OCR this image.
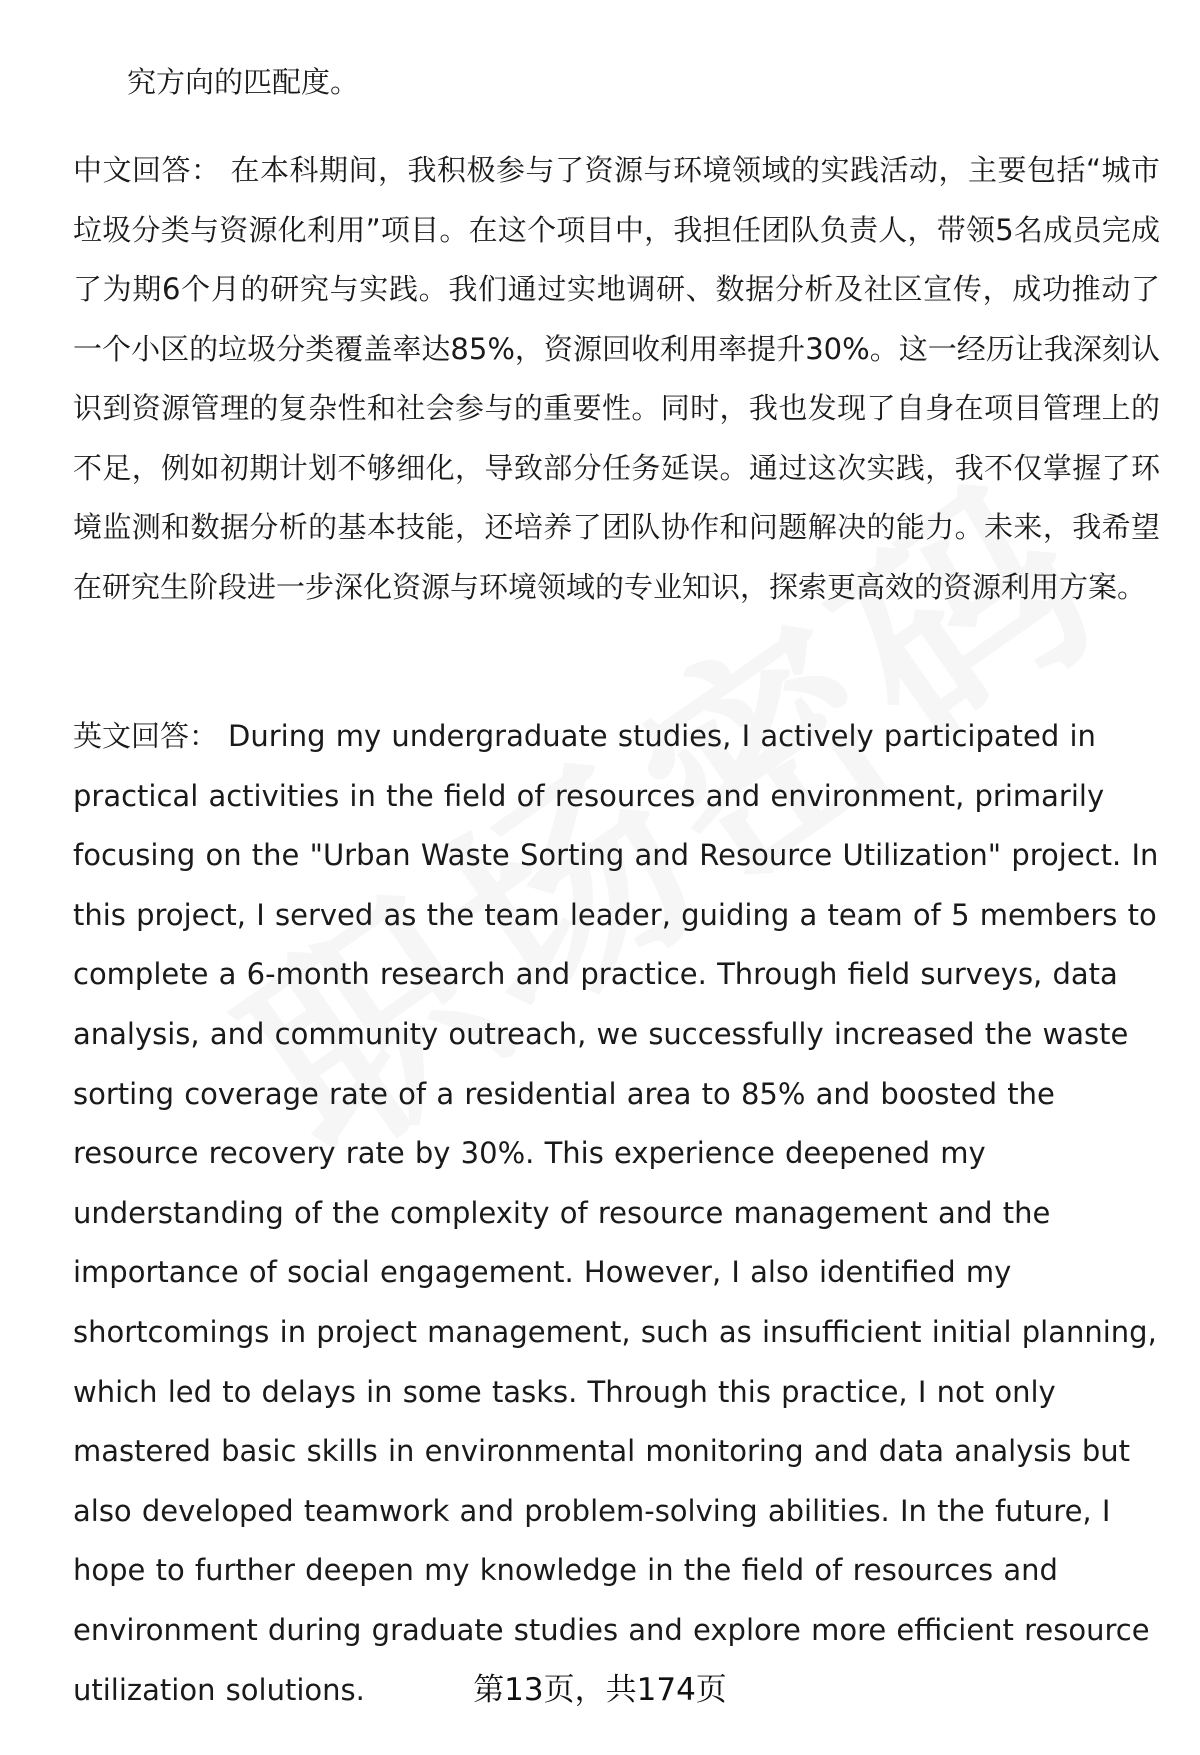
究方向的匹配度。

中文回答： 在本科期间，我积极参与了资源与环境领域的实践活动，主要包括“城市垃圾分类与资源化利用”项目。在这个项目中，我担任团队负责人，带领5名成员完成了为期6个月的研究与实践。我们通过实地调研、数据分析及社区宣传，成功推动了一个小区的垃圾分类覆盖率达85%，资源回收利用率提升30%。这一经历让我深刻认识到资源管理的复杂性和社会参与的重要性。同时，我也发现了自身在项目管理上的不足，例如初期计划不够细化，导致部分任务延误。通过这次实践，我不仅掌握了环境监测和数据分析的基本技能，还培养了团队协作和问题解决的能力。未来，我希望在研究生阶段进一步深化资源与环境领域的专业知识，探索更高效的资源利用方案。

英文回答： During my undergraduate studies, I actively participated in practical activities in the field of resources and environment, primarily focusing on the "Urban Waste Sorting and Resource Utilization" project. In this project, I served as the team leader, guiding a team of 5 members to complete a 6-month research and practice. Through field surveys, data analysis, and community outreach, we successfully increased the waste sorting coverage rate of a residential area to 85% and boosted the resource recovery rate by 30%. This experience deepened my understanding of the complexity of resource management and the importance of social engagement. However, I also identified my shortcomings in project management, such as insufficient initial planning, which led to delays in some tasks. Through this practice, I not only mastered basic skills in environmental monitoring and data analysis but also developed teamwork and problem-solving abilities. In the future, I hope to further deepen my knowledge in the field of resources and environment during graduate studies and explore more efficient resource utilization solutions.	第13页，共174页
